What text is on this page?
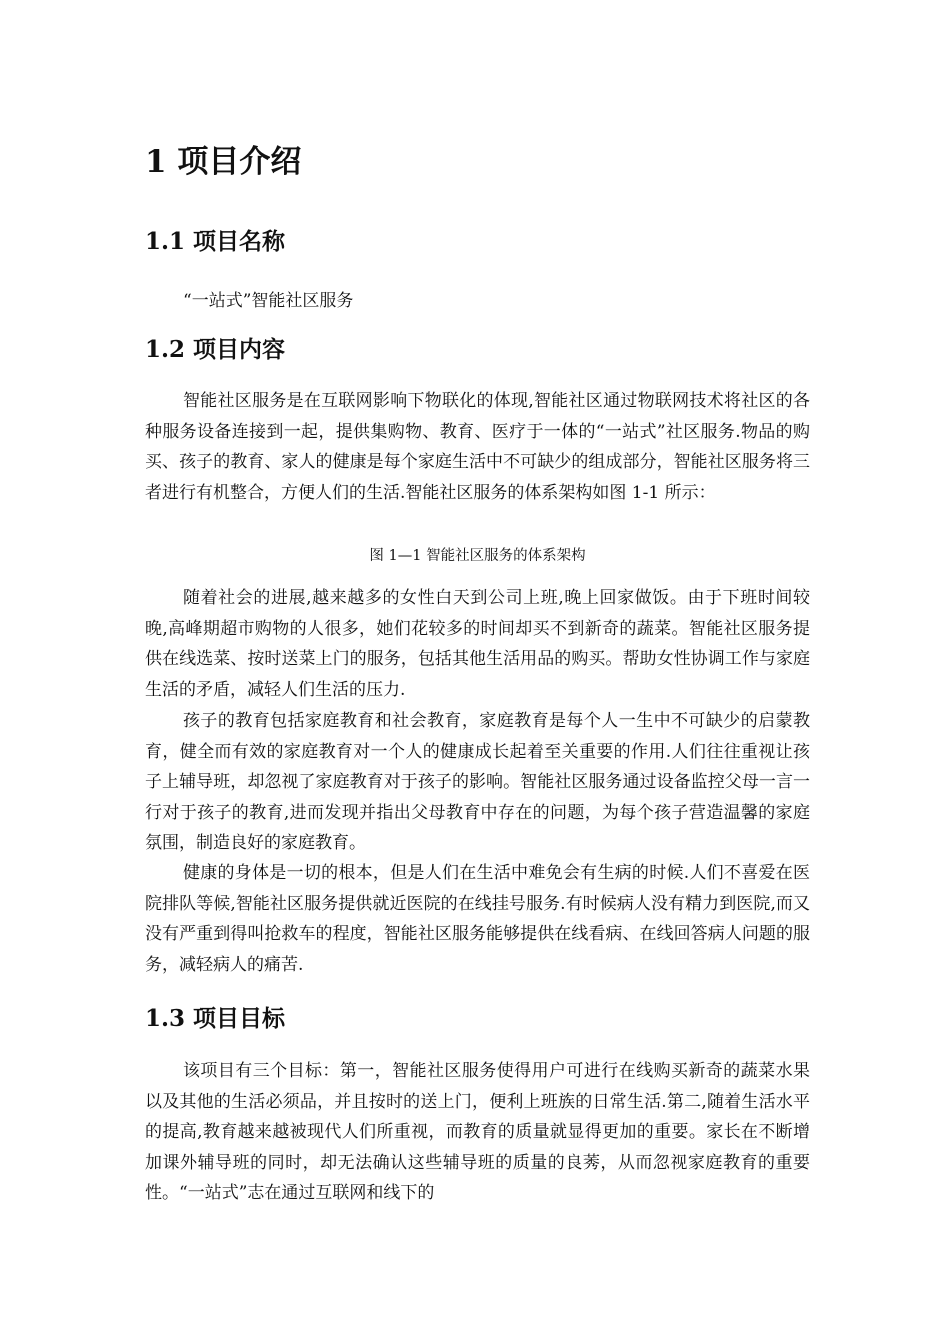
1 项目介绍
1.1 项目名称

“一站式”智能社区服务

1.2 项目内容

智能社区服务是在互联网影响下物联化的体现,智能社区通过物联网技术将社区的各种服务设备连接到一起，提供集购物、教育、医疗于一体的“一站式”社区服务.物品的购买、孩子的教育、家人的健康是每个家庭生活中不可缺少的组成部分，智能社区服务将三者进行有机整合，方便人们的生活.智能社区服务的体系架构如图 1-1 所示：

图 1—1 智能社区服务的体系架构

随着社会的进展,越来越多的女性白天到公司上班,晚上回家做饭。由于下班时间较晚,高峰期超市购物的人很多，她们花较多的时间却买不到新奇的蔬菜。智能社区服务提供在线选菜、按时送菜上门的服务，包括其他生活用品的购买。帮助女性协调工作与家庭生活的矛盾，减轻人们生活的压力.

孩子的教育包括家庭教育和社会教育，家庭教育是每个人一生中不可缺少的启蒙教育，健全而有效的家庭教育对一个人的健康成长起着至关重要的作用.人们往往重视让孩子上辅导班，却忽视了家庭教育对于孩子的影响。智能社区服务通过设备监控父母一言一行对于孩子的教育,进而发现并指出父母教育中存在的问题，为每个孩子营造温馨的家庭氛围，制造良好的家庭教育。

健康的身体是一切的根本，但是人们在生活中难免会有生病的时候.人们不喜爱在医院排队等候,智能社区服务提供就近医院的在线挂号服务.有时候病人没有精力到医院,而又没有严重到得叫抢救车的程度，智能社区服务能够提供在线看病、在线回答病人问题的服务，减轻病人的痛苦.

1.3 项目目标

该项目有三个目标：第一，智能社区服务使得用户可进行在线购买新奇的蔬菜水果以及其他的生活必须品，并且按时的送上门，便利上班族的日常生活.第二,随着生活水平的提高,教育越来越被现代人们所重视，而教育的质量就显得更加的重要。家长在不断增加课外辅导班的同时，却无法确认这些辅导班的质量的良莠，从而忽视家庭教育的重要性。“一站式”志在通过互联网和线下的
